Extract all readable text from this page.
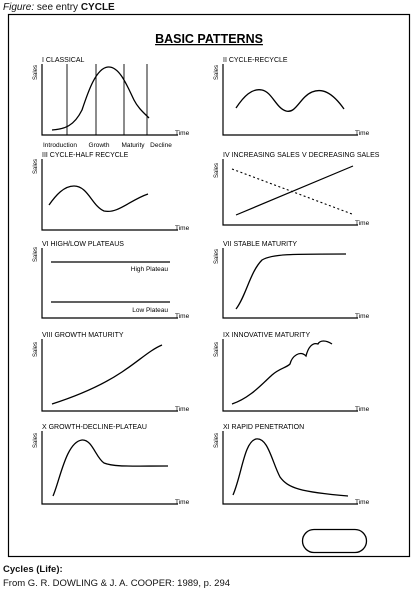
Figure: see entry CYCLE
BASIC PATTERNS
I CLASSICAL
Sales
Time
Introduction Growth Maturity Decline
II CYCLE-RECYCLE
Sales
Time
III CYCLE-HALF RECYCLE
Sales
Time
IV INCREASING SALES V DECREASING SALES
Sales
Time
VI HIGH/LOW PLATEAUS
Sales
Time
High Plateau
Low Plateau
VII STABLE MATURITY
Sales
Time
VIII GROWTH MATURITY
Sales
Time
IX INNOVATIVE MATURITY
Sales
Time
X GROWTH-DECLINE-PLATEAU
Sales
Time
XI RAPID PENETRATION
Sales
Time
Cycles (Life):
From G. R. DOWLING & J. A. COOPER: 1989, p. 294
